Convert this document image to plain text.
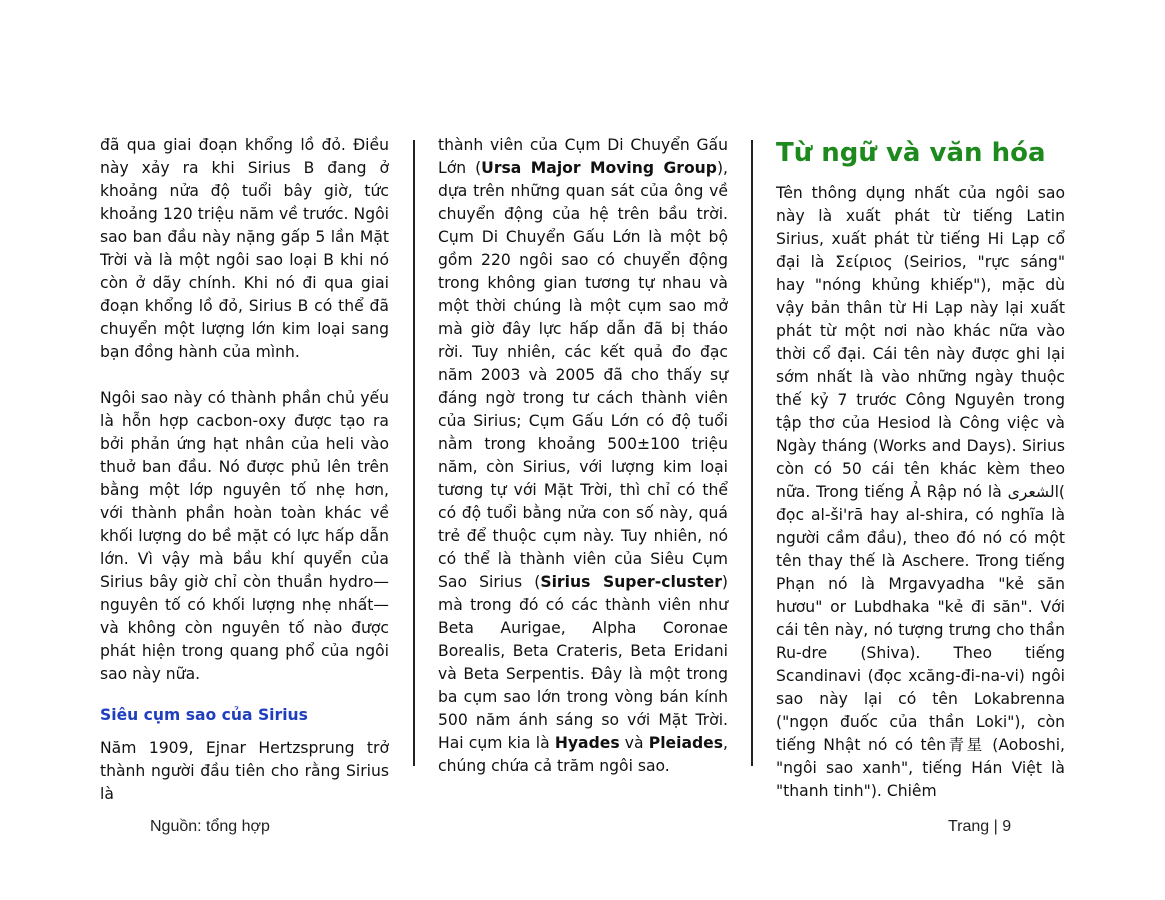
đã qua giai đoạn khổng lồ đỏ. Điều này xảy ra khi Sirius B đang ở khoảng nửa độ tuổi bây giờ, tức khoảng 120 triệu năm về trước. Ngôi sao ban đầu này nặng gấp 5 lần Mặt Trời và là một ngôi sao loại B khi nó còn ở dãy chính. Khi nó đi qua giai đoạn khổng lồ đỏ, Sirius B có thể đã chuyển một lượng lớn kim loại sang bạn đồng hành của mình.

Ngôi sao này có thành phần chủ yếu là hỗn hợp cacbon-oxy được tạo ra bởi phản ứng hạt nhân của heli vào thuở ban đầu. Nó được phủ lên trên bằng một lớp nguyên tố nhẹ hơn, với thành phần hoàn toàn khác về khối lượng do bề mặt có lực hấp dẫn lớn. Vì vậy mà bầu khí quyển của Sirius bây giờ chỉ còn thuần hydro—nguyên tố có khối lượng nhẹ nhất—và không còn nguyên tố nào được phát hiện trong quang phổ của ngôi sao này nữa.

Siêu cụm sao của Sirius

Năm 1909, Ejnar Hertzsprung trở thành người đầu tiên cho rằng Sirius là

thành viên của Cụm Di Chuyển Gấu Lớn (Ursa Major Moving Group), dựa trên những quan sát của ông về chuyển động của hệ trên bầu trời. Cụm Di Chuyển Gấu Lớn là một bộ gồm 220 ngôi sao có chuyển động trong không gian tương tự nhau và một thời chúng là một cụm sao mở mà giờ đây lực hấp dẫn đã bị tháo rời. Tuy nhiên, các kết quả đo đạc năm 2003 và 2005 đã cho thấy sự đáng ngờ trong tư cách thành viên của Sirius; Cụm Gấu Lớn có độ tuổi nằm trong khoảng 500±100 triệu năm, còn Sirius, với lượng kim loại tương tự với Mặt Trời, thì chỉ có thể có độ tuổi bằng nửa con số này, quá trẻ để thuộc cụm này. Tuy nhiên, nó có thể là thành viên của Siêu Cụm Sao Sirius (Sirius Super-cluster) mà trong đó có các thành viên như Beta Aurigae, Alpha Coronae Borealis, Beta Crateris, Beta Eridani và Beta Serpentis. Đây là một trong ba cụm sao lớn trong vòng bán kính 500 năm ánh sáng so với Mặt Trời. Hai cụm kia là Hyades và Pleiades, chúng chứa cả trăm ngôi sao.

Từ ngữ và văn hóa

Tên thông dụng nhất của ngôi sao này là xuất phát từ tiếng Latin Sirius, xuất phát từ tiếng Hi Lạp cổ đại là Σείριος (Seirios, "rực sáng" hay "nóng khủng khiếp"), mặc dù vậy bản thân từ Hi Lạp này lại xuất phát từ một nơi nào khác nữa vào thời cổ đại. Cái tên này được ghi lại sớm nhất là vào những ngày thuộc thế kỷ 7 trước Công Nguyên trong tập thơ của Hesiod là Công việc và Ngày tháng (Works and Days). Sirius còn có 50 cái tên khác kèm theo nữa. Trong tiếng Ả Rập nó là الشعرى( đọc al-ši'rā hay al-shira, có nghĩa là người cầm đầu), theo đó nó có một tên thay thế là Aschere. Trong tiếng Phạn nó là Mrgavyadha "kẻ săn hươu" or Lubdhaka "kẻ đi săn". Với cái tên này, nó tượng trưng cho thần Ru-dre (Shiva). Theo tiếng Scandinavi (đọc xcăng-đi-na-vi) ngôi sao này lại có tên Lokabrenna ("ngọn đuốc của thần Loki"), còn tiếng Nhật nó có tên青星 (Aoboshi, "ngôi sao xanh", tiếng Hán Việt là "thanh tinh"). Chiêm

Nguồn: tổng hợp	Trang | 9
